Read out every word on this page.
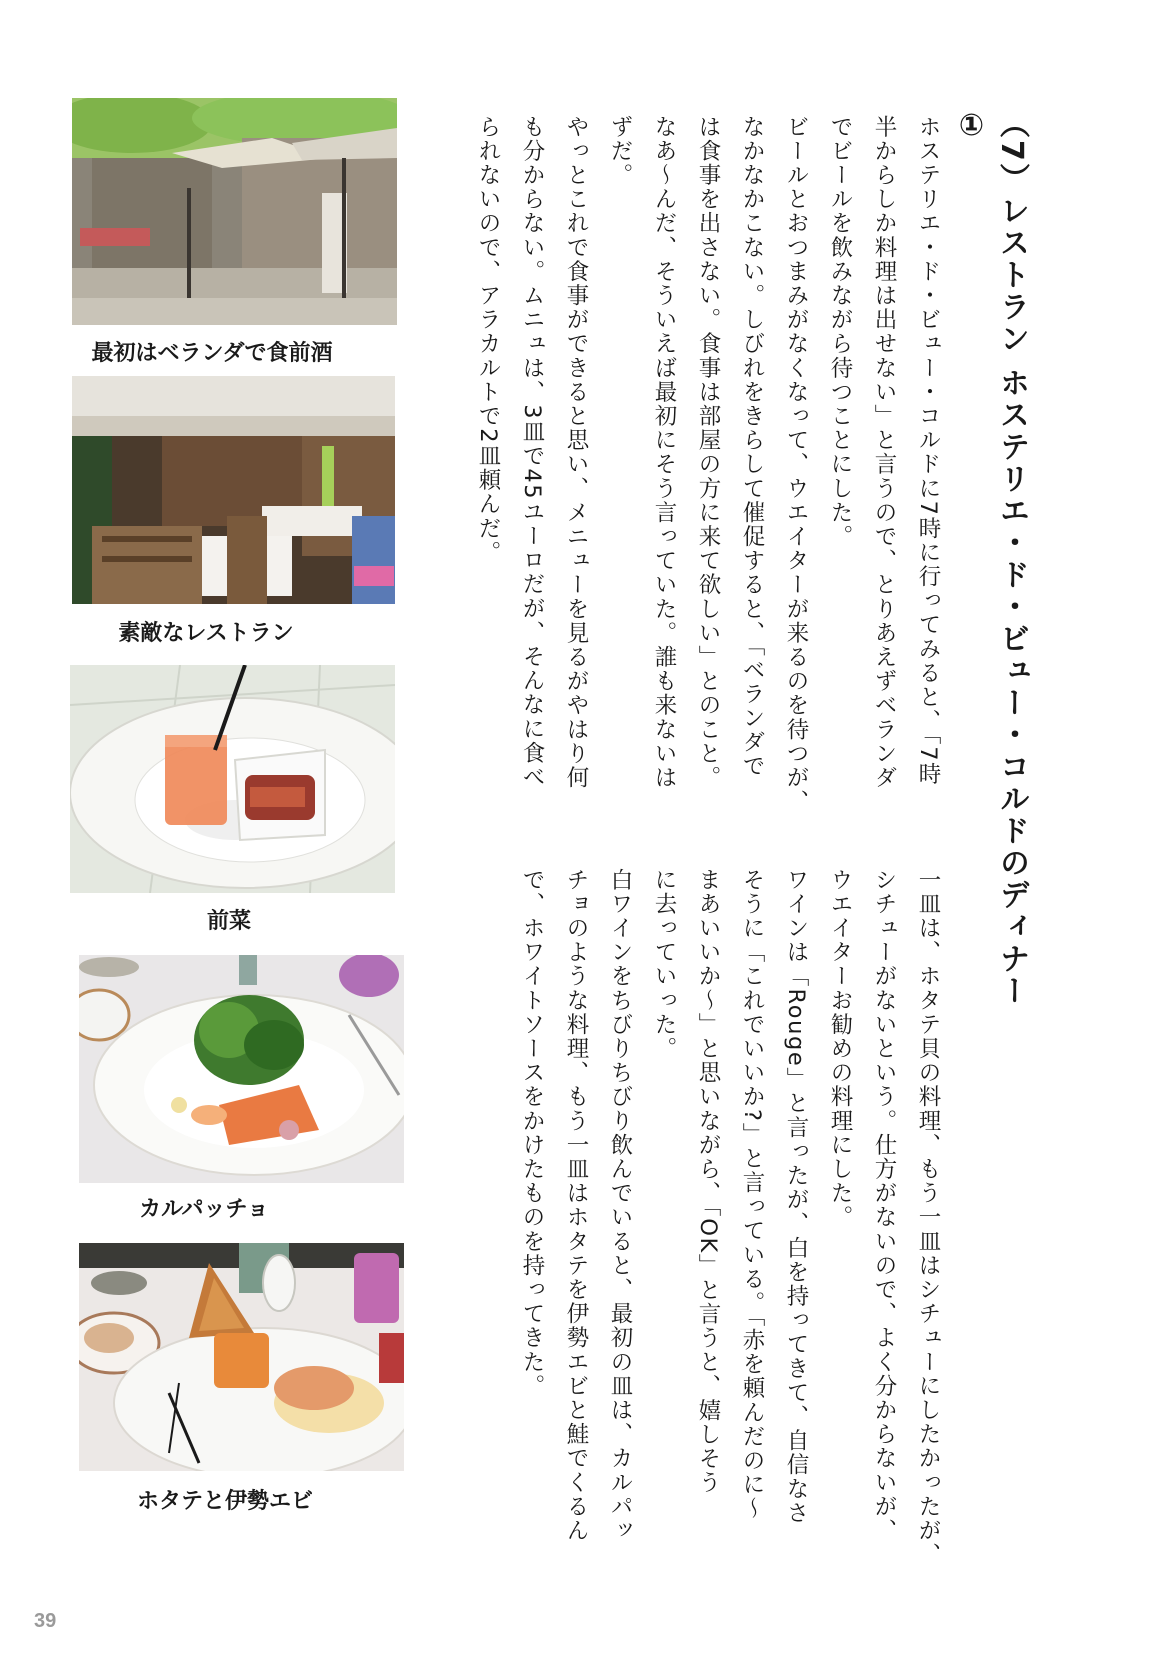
（7）レストラン ホステリエ・ド・ビュー・コルドのディナー①
ホステリエ・ド・ビュー・コルドに7時に行ってみると、「7時
半からしか料理は出せない」と言うので、とりあえずベランダ
でビールを飲みながら待つことにした。
ビールとおつまみがなくなって、ウエイターが来るのを待つが、
なかなかこない。しびれをきらして催促すると、「ベランダで
は食事を出さない。食事は部屋の方に来て欲しい」とのこと。
なあ〜んだ、そういえば最初にそう言っていた。誰も来ないは
ずだ。
やっとこれで食事ができると思い、メニューを見るがやはり何
も分からない。ムニュは、3皿で45ユーロだが、そんなに食べ
られないので、アラカルトで2皿頼んだ。
一皿は、ホタテ貝の料理、もう一皿はシチューにしたかったが、
シチューがないという。仕方がないので、よく分からないが、
ウエイターお勧めの料理にした。
ワインは「Rouge」と言ったが、白を持ってきて、自信なさ
そうに「これでいいか?」と言っている。「赤を頼んだのに〜
まあいいか〜」と思いながら、「OK」と言うと、嬉しそう
に去っていった。
白ワインをちびりちびり飲んでいると、最初の皿は、カルパッ
チョのような料理、もう一皿はホタテを伊勢エビと鮭でくるん
で、ホワイトソースをかけたものを持ってきた。
最初はベランダで食前酒
素敵なレストラン
前菜
カルパッチョ
ホタテと伊勢エビ
39
